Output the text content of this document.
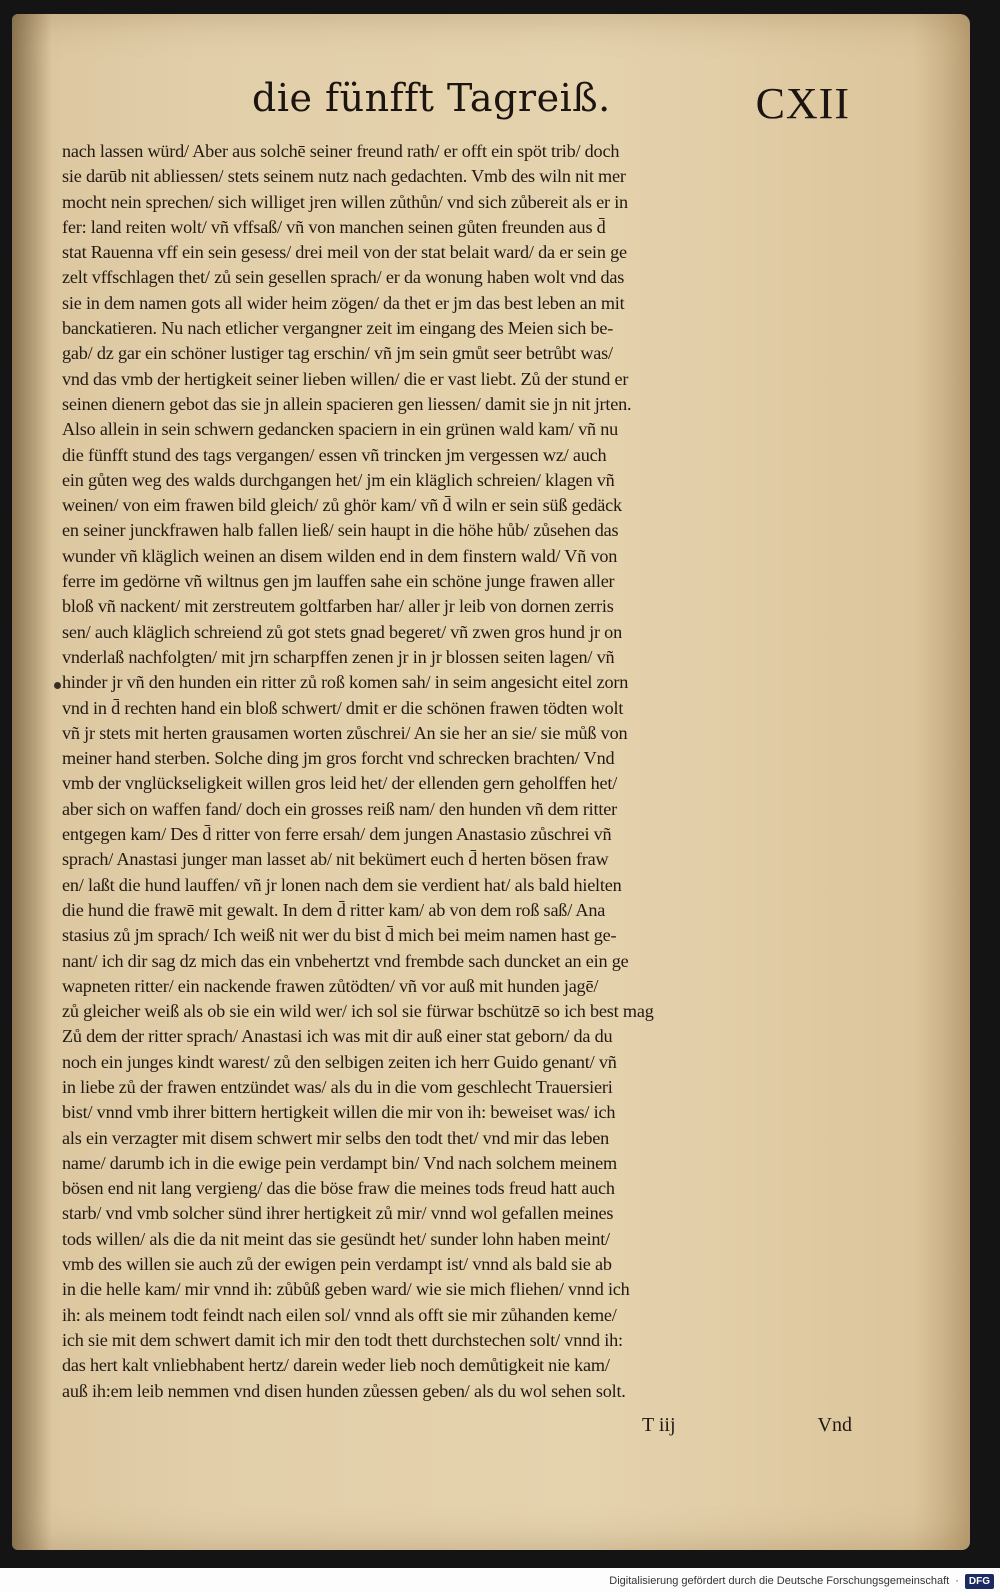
die fünfft Tagreiß.	CXII
nach lassen würd/ Aber aus solchē seiner freund rath/ er offt ein spöt trib/ doch
sie darūb nit abliessen/ stets seinem nutz nach gedachten. Vmb des wiln nit mer
mocht nein sprechen/ sich williget jren willen zůthůn/ vnd sich zůbereit als er in
fer: land reiten wolt/ vñ vffsaß/ vñ von manchen seinen gůten freunden aus d̄
stat Rauenna vff ein sein gesess/ drei meil von der stat belait ward/ da er sein ge
zelt vffschlagen thet/ zů sein gesellen sprach/ er da wonung haben wolt vnd das
sie in dem namen gots all wider heim zögen/ da thet er jm das best leben an mit
banckatieren. Nu nach etlicher vergangner zeit im eingang des Meien sich be-
gab/ dz gar ein schöner lustiger tag erschin/ vñ jm sein gmůt seer betrůbt was/
vnd das vmb der hertigkeit seiner lieben willen/ die er vast liebt. Zů der stund er
seinen dienern gebot das sie jn allein spacieren gen liessen/ damit sie jn nit jrten.
Also allein in sein schwern gedancken spaciern in ein grünen wald kam/ vñ nu
die fünfft stund des tags vergangen/ essen vñ trincken jm vergessen wz/ auch
ein gůten weg des walds durchgangen het/ jm ein kläglich schreien/ klagen vñ
weinen/ von eim frawen bild gleich/ zů ghör kam/ vñ d̄ wiln er sein süß gedäck
en seiner junckfrawen halb fallen ließ/ sein haupt in die höhe hůb/ zůsehen das
wunder vñ kläglich weinen an disem wilden end in dem finstern wald/ Vñ von
ferre im gedörne vñ wiltnus gen jm lauffen sahe ein schöne junge frawen aller
bloß vñ nackent/ mit zerstreutem goltfarben har/ aller jr leib von dornen zerris
sen/ auch kläglich schreiend zů got stets gnad begeret/ vñ zwen gros hund jr on
vnderlaß nachfolgten/ mit jrn scharpffen zenen jr in jr blossen seiten lagen/ vñ
hinder jr vñ den hunden ein ritter zů roß komen sah/ in seim angesicht eitel zorn
vnd in d̄ rechten hand ein bloß schwert/ dmit er die schönen frawen tödten wolt
vñ jr stets mit herten grausamen worten zůschrei/ An sie her an sie/ sie můß von
meiner hand sterben. Solche ding jm gros forcht vnd schrecken brachten/ Vnd
vmb der vnglückseligkeit willen gros leid het/ der ellenden gern geholffen het/
aber sich on waffen fand/ doch ein grosses reiß nam/ den hunden vñ dem ritter
entgegen kam/ Des d̄ ritter von ferre ersah/ dem jungen Anastasio zůschrei vñ
sprach/ Anastasi junger man lasset ab/ nit bekümert euch d̄ herten bösen fraw
en/ laßt die hund lauffen/ vñ jr lonen nach dem sie verdient hat/ als bald hielten
die hund die frawē mit gewalt. In dem d̄ ritter kam/ ab von dem roß saß/ Ana
stasius zů jm sprach/ Ich weiß nit wer du bist d̄ mich bei meim namen hast ge-
nant/ ich dir sag dz mich das ein vnbehertzt vnd frembde sach duncket an ein ge
wapneten ritter/ ein nackende frawen zůtödten/ vñ vor auß mit hunden jagē/
zů gleicher weiß als ob sie ein wild wer/ ich sol sie fürwar bschützē so ich best mag
Zů dem der ritter sprach/ Anastasi ich was mit dir auß einer stat geborn/ da du
noch ein junges kindt warest/ zů den selbigen zeiten ich herr Guido genant/ vñ
in liebe zů der frawen entzündet was/ als du in die vom geschlecht Trauersieri
bist/ vnnd vmb ihrer bittern hertigkeit willen die mir von ih: beweiset was/ ich
als ein verzagter mit disem schwert mir selbs den todt thet/ vnd mir das leben
name/ darumb ich in die ewige pein verdampt bin/ Vnd nach solchem meinem
bösen end nit lang vergieng/ das die böse fraw die meines tods freud hatt auch
starb/ vnd vmb solcher sünd ihrer hertigkeit zů mir/ vnnd wol gefallen meines
tods willen/ als die da nit meint das sie gesündt het/ sunder lohn haben meint/
vmb des willen sie auch zů der ewigen pein verdampt ist/ vnnd als bald sie ab
in die helle kam/ mir vnnd ih: zůbůß geben ward/ wie sie mich fliehen/ vnnd ich
ih: als meinem todt feindt nach eilen sol/ vnnd als offt sie mir zůhanden keme/
ich sie mit dem schwert damit ich mir den todt thett durchstechen solt/ vnnd ih:
das hert kalt vnliebhabent hertz/ darein weder lieb noch demůtigkeit nie kam/
auß ih:em leib nemmen vnd disen hunden zůessen geben/ als du wol sehen solt.
T iij	Vnd
Digitalisierung gefördert durch die Deutsche Forschungsgemeinschaft ·	DFG
